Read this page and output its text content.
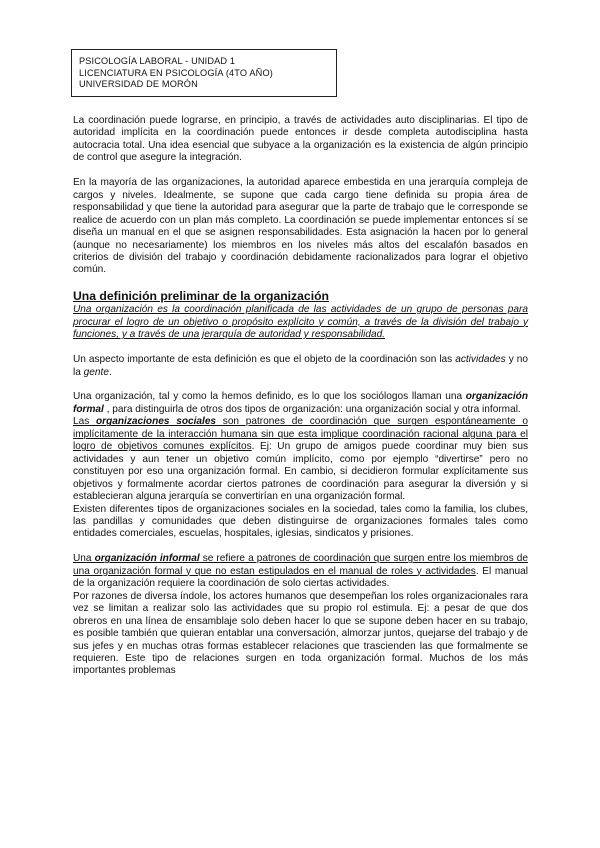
PSICOLOGÍA LABORAL - UNIDAD 1
LICENCIATURA EN PSICOLOGÍA (4TO AÑO)
UNIVERSIDAD DE MORÓN

La coordinación puede lograrse, en principio, a través de actividades auto disciplinarias. El tipo de autoridad implícita en la coordinación puede entonces ir desde completa autodisciplina hasta autocracia total. Una idea esencial que subyace a la organización es la existencia de algún principio de control que asegure la integración.

En la mayoría de las organizaciones, la autoridad aparece embestida en una jerarquía compleja de cargos y niveles. Idealmente, se supone que cada cargo tiene definida su propia área de responsabilidad y que tiene la autoridad para asegurar que la parte de trabajo que le corresponde se realice de acuerdo con un plan más completo. La coordinación se puede implementar entonces sí se diseña un manual en el que se asignen responsabilidades. Esta asignación la hacen por lo general (aunque no necesariamente) los miembros en los niveles más altos del escalafón basados en criterios de división del trabajo y coordinación debidamente racionalizados para lograr el objetivo común.

Una definición preliminar de la organización

Una organización es la coordinación planificada de las actividades de un grupo de personas para procurar el logro de un objetivo o propósito explícito y común, a través de la división del trabajo y funciones, y a través de una jerarquía de autoridad y responsabilidad.

Un aspecto importante de esta definición es que el objeto de la coordinación son las actividades y no la gente.

Una organización, tal y como la hemos definido, es lo que los sociólogos llaman una organización formal , para distinguirla de otros dos tipos de organización: una organización social y otra informal.

Las organizaciones sociales son patrones de coordinación que surgen espontáneamente o implícitamente de la interacción humana sin que esta implique coordinación racional alguna para el logro de objetivos comunes explícitos. Ej: Un grupo de amigos puede coordinar muy bien sus actividades y aun tener un objetivo común implícito, como por ejemplo “divertirse” pero no constituyen por eso una organización formal. En cambio, si decidieron formular explícitamente sus objetivos y formalmente acordar ciertos patrones de coordinación para asegurar la diversión y si establecieran alguna jerarquía se convertirían en una organización formal.

Existen diferentes tipos de organizaciones sociales en la sociedad, tales como la familia, los clubes, las pandillas y comunidades que deben distinguirse de organizaciones formales tales como entidades comerciales, escuelas, hospitales, iglesias, sindicatos y prisiones.

Una organización informal se refiere a patrones de coordinación que surgen entre los miembros de una organización formal y que no estan estipulados en el manual de roles y actividades. El manual de la organización requiere la coordinación de solo ciertas actividades.

Por razones de diversa índole, los actores humanos que desempeñan los roles organizacionales rara vez se limitan a realizar solo las actividades que su propio rol estimula. Ej: a pesar de que dos obreros en una línea de ensamblaje solo deben hacer lo que se supone deben hacer en su trabajo, es posible también que quieran entablar una conversación, almorzar juntos, quejarse del trabajo y de sus jefes y en muchas otras formas establecer relaciones que trascienden las que formalmente se requieren. Este tipo de relaciones surgen en toda organización formal. Muchos de los más importantes problemas
